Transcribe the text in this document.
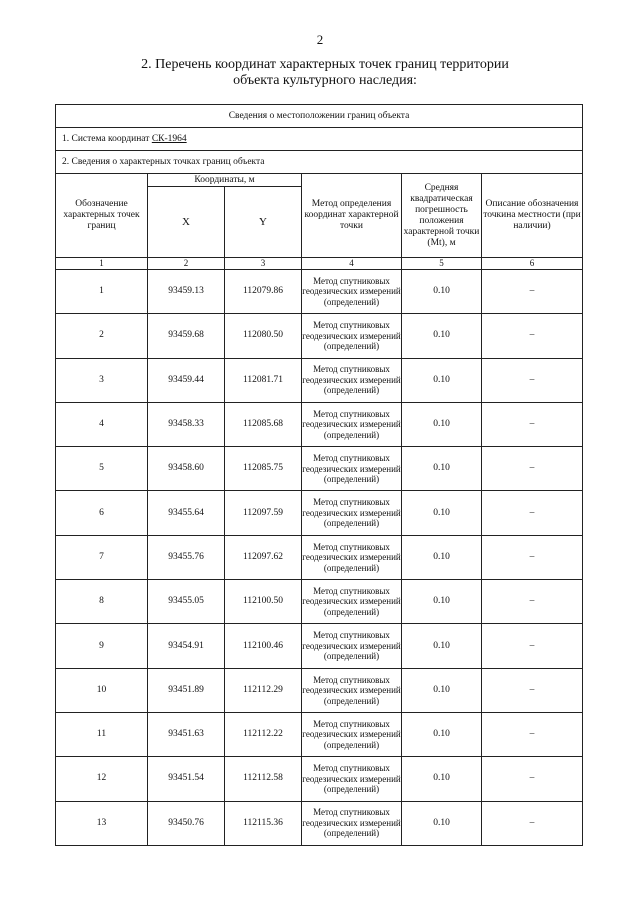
2
2. Перечень координат характерных точек границ территории
объекта культурного наследия:
Сведения о местоположении границ объекта					
1. Система координат СК-1964					
2. Сведения о характерных точках границ объекта					
Обозначение характерных точек границ	Координаты, м		Метод определения координат характерной точки	Средняя квадратическая погрешность положения характерной точки (Mt), м	Описание обозначения точкина местности (при наличии)
	X	Y			
1	2	3	4	5	6
1	93459.13	112079.86	Метод спутниковых геодезических измерений (определений)	0.10	–
2	93459.68	112080.50	Метод спутниковых геодезических измерений (определений)	0.10	–
3	93459.44	112081.71	Метод спутниковых геодезических измерений (определений)	0.10	–
4	93458.33	112085.68	Метод спутниковых геодезических измерений (определений)	0.10	–
5	93458.60	112085.75	Метод спутниковых геодезических измерений (определений)	0.10	–
6	93455.64	112097.59	Метод спутниковых геодезических измерений (определений)	0.10	–
7	93455.76	112097.62	Метод спутниковых геодезических измерений (определений)	0.10	–
8	93455.05	112100.50	Метод спутниковых геодезических измерений (определений)	0.10	–
9	93454.91	112100.46	Метод спутниковых геодезических измерений (определений)	0.10	–
10	93451.89	112112.29	Метод спутниковых геодезических измерений (определений)	0.10	–
11	93451.63	112112.22	Метод спутниковых геодезических измерений (определений)	0.10	–
12	93451.54	112112.58	Метод спутниковых геодезических измерений (определений)	0.10	–
13	93450.76	112115.36	Метод спутниковых геодезических измерений (определений)	0.10	–
